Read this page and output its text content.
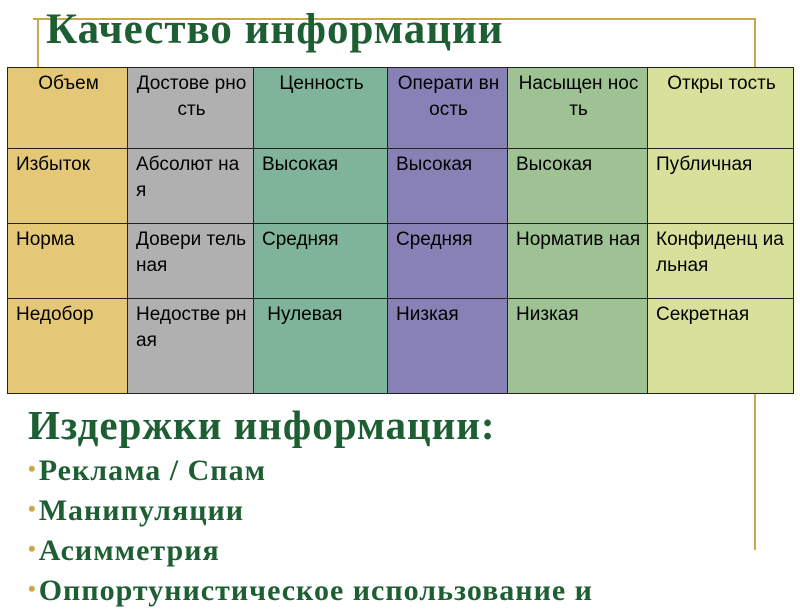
Качество информации
Объем	Достове рность	Ценность	Операти вность	Насыщен ность	Откры тость
Избыток	Абсолют ная	Высокая	Высокая	Высокая	Публичная
Норма	Довери тельная	Средняя	Средняя	Норматив ная	Конфиденц иальная
Недобор	Недостве рная	Нулевая	Низкая	Низкая	Секретная
Издержки информации:
•Реклама / Спам
•Манипуляции
•Асимметрия
•Оппортунистическое использование и
